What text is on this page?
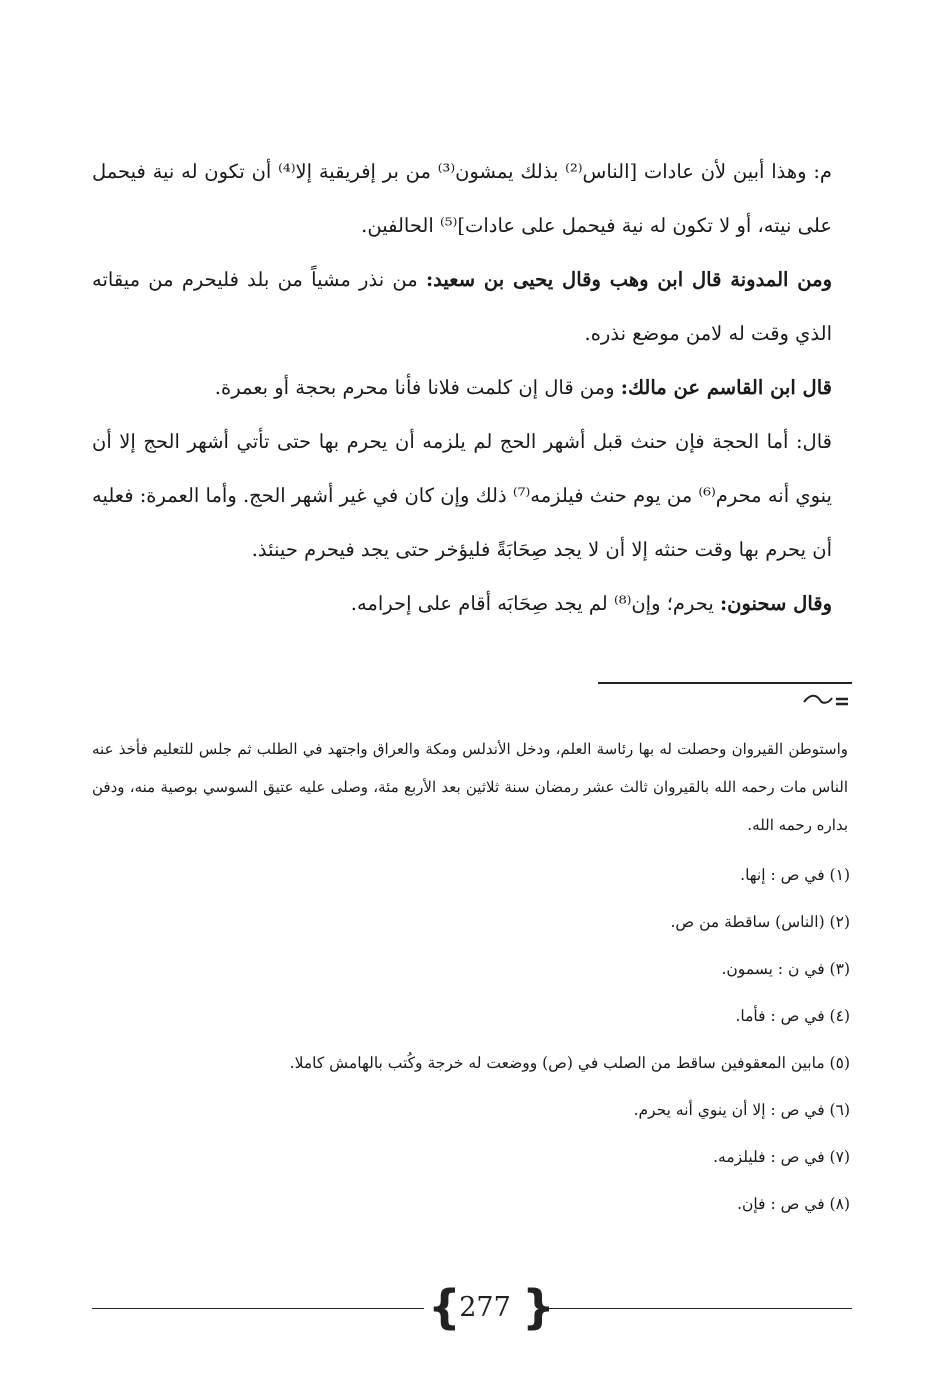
م: وهذا أبين لأن عادات [الناس⁽²⁾ بذلك يمشون⁽³⁾ من بر إفريقية إلا⁽⁴⁾ أن تكون له نية فيحمل على نيته، أو لا تكون له نية فيحمل على عادات]⁽⁵⁾ الحالفين.

ومن المدونة قال ابن وهب وقال يحيى بن سعيد: من نذر مشياً من بلد فليحرم من ميقاته الذي وقت له لامن موضع نذره.

قال ابن القاسم عن مالك: ومن قال إن كلمت فلانا فأنا محرم بحجة أو بعمرة.

قال: أما الحجة فإن حنث قبل أشهر الحج لم يلزمه أن يحرم بها حتى تأتي أشهر الحج إلا أن ينوي أنه محرم⁽⁶⁾ من يوم حنث فيلزمه⁽⁷⁾ ذلك وإن كان في غير أشهر الحج. وأما العمرة: فعليه أن يحرم بها وقت حنثه إلا أن لا يجد صِحَابَةً فليؤخر حتى يجد فيحرم حينئذ.

وقال سحنون: يحرم؛ وإن⁽⁸⁾ لم يجد صِحَابَه أقام على إحرامه.

واستوطن القيروان وحصلت له بها رئاسة العلم، ودخل الأندلس ومكة والعراق واجتهد في الطلب ثم جلس للتعليم فأخذ عنه الناس مات رحمه الله بالقيروان ثالث عشر رمضان سنة ثلاثين بعد الأربع مئة، وصلى عليه عتيق السوسي بوصية منه، ودفن بداره رحمه الله.

(١) في ص : إنها.
(٢) (الناس) ساقطة من ص.
(٣) في ن : يسمون.
(٤) في ص : فأما.
(٥) مابين المعقوفين ساقط من الصلب في (ص) ووضعت له خرجة وكُتب بالهامش كاملا.
(٦) في ص : إلا أن ينوي أنه يحرم.
(٧) في ص : فليلزمه.
(٨) في ص : فإن.
{
277 }
